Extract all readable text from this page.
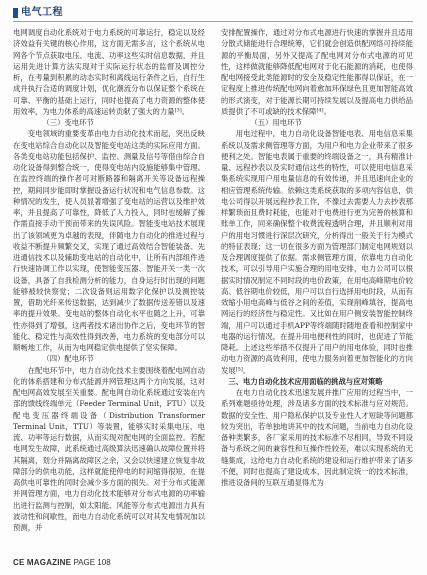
电气工程

电网调度自动化系统对于电力系统的可靠运行，稳定以及经济效益有关键的核心作用，这方面无需多言，这个系统从电网各个节点获取电压、电流、功率这些实时信息数据，并且运用先进计算方法实现对于实际运行状态的监督及调控分析，在考量到积累的动态实时和离线运行条件之后，自行生成并执行合适的调度计划，优化潮流分布以保证整个系统在可靠、平衡的基础上运行，同时也提高了电力资源的整体使用效率，为电力体系的高速运转贡献了强大的力量[3]。

（三）变电环节

变电领域的重要变革由电力自动化技术而起，突出反映在变电站综合自动化以及智能变电站这类的实际应用方面。各类变电站功能包括保护、监控、测量及信号等借由综合自动化设备得到整合统一，使得变电站内设施能够集中管理。在监控终端的操作者可对断路器和隔离开关等设备远程操控，期间同步能即时掌握设备运行状况和电气信息参数。这种情况的发生，使人员显著增强了变电站的运营以及维护效率，并且提高了可靠性，降低了人力投入，同时也缓解了操作需直接手动干预而带来的失误风险。智能变电站技术展现出了该领域更为卓越的表现，伴随电力自动化的推进过程与收益不断提升频繁交叉，实现了通过高效结合智能装备、先进通信技术以及辅助变电站的自动化中，让所有内部组件进行快速协调工作以实现，使智能变压器、智能开关一类一次设备，具备了自我检测分析的能力，自身运行时出现的问题能够被较快察觉；二次设备则运用数字化保护以及测控装置，借助光纤来传送数据，达到减少了数据传送差错以及速率的提升效果。变电站的整体自动化水平也随之上升，可靠性亦得到了增强，这两者技术诸出协作之后，变电环节的智能化、稳定性与高效性得到改善，电力系统的变电部分可以顺畅地工作，从而为电网稳定供电提供了坚实保障。

（四）配电环节

在配电环节中，电力自动化技术主要围绕着配电网自动化的体系搭建和分布式能源并网管理这两个方向发展，这对配电网高效发展至关重要。配电网自动化系统通过安装在内部的馈线终端单元（Feeder Terminal Unit，FTU）以及配电变压器终端设备（Distribution Transformer Terminal Unit，TTU）等装置，能够实时采集电压、电流、功率等运行数据，从而实现对配电网的全面监控。若配电网发生故障，此系统通过高级算法迅速确认故障位置并将其隔离，划分并隔离故障区之余，又会以快速建立恢复非故障部分的供电功能，这样就能使停电的时间缩得很短，在提高供电可靠性的同时会减少多方面的损失。对于分布式能源并网管理方面，电力自动化技术能够对分布式电源的功率输出进行监测与控制，如太阳能、风能等分布式电源出力具有波动性和间歇性，而电力自动化系统可以对其发电情况加以预测，并

安排配置操作，通过对分布式电源进行快速的掌握并且适用分散式储能进行合理统筹，它们就会创造供配网络可持续能源的平衡局面，另外又提高了配电网对分布式电源的可见性，这样做就能够降低配电网对于化石能源的消耗，也使得配电网接受此类能源时的安全及稳定性能都得以保证，在一定程度上推进传统配电网向着愈加环保绿色且更加智能高效的形式演变，对于能源长期可持续发展以及提高电力供给品质提供了不可或缺的技术保障[4]。

（五）用电环节

用电过程中，电力自动化设备智能电表、用电信息采集系统以及需求侧管理等方面，为用户和电力企业带来了很多便利之处。智能电表属于重要的终端设备之一，具有精准计量、远程抄表以及实时通信这些的特性，可以使用电信息采集系统实现用户用电量信息的有效传递，并且迅速向企业的相应管理系统传输。依赖这类系统获取的多项内容信息，供电公司得以开展远程抄表工作，不像过去需要人力去抄表那样繁琐而且费时耗能，也能对于电费进行更为完善的核算和账单工作，同来确保整个收费流程透明合理，并且顺利对用户的用电习惯进行深层次研究，分析得出一般关于行为模式的特征表现；这一切在很多方面为管理部门制定电网规划以及合理调度提供了依据。需求侧管理方面，依靠电力自动化技术，可以引导用户实施合理的用电安排，电力公司可以根据实时情况制定不同时段的电价政策，在用电高峰期电价较高、低谷期电价较低，用户可以自行选择用电时段，从而有效缩小用电高峰与低谷之间的差值，实现削峰填谷，提高电网运行的经济性与稳定性。又比如在用户侧安装智能控制终端，用户可以通过手机APP等终端随时随地查看和控制家中电器的运行情况，在提升用电便利性的同时，也促进了节能降耗。上述这些举措不仅提升了用户的用电体验，同时也推动电力资源的高效利用，使电力服务向着更加智能化的方向发展[5]。

三、电力自动化技术应用面临的挑战与应对策略

在电力自动化技术迅速发展并推广应用的过程当中，一系列难题亟待处理，涉及诸多方面的技术标准与应对规范。数据的安全性、用户隐私保护以及专业性人才短缺等问题都较为突出，若单独地讲其中的技术问题，当前电力自动化设备种类繁多，各厂家采用的技术标准不尽相同，导致不同设备与系统之间的兼容性和互操作性较差，难以实现系统的无缝集成，这给电力自动化系统的建设和运行维护带来了诸多不便，同时也提高了建设成本，因此制定统一的技术标准，推进设备间的互联互通显得尤为

CE MAGAZINE PAGE 108
